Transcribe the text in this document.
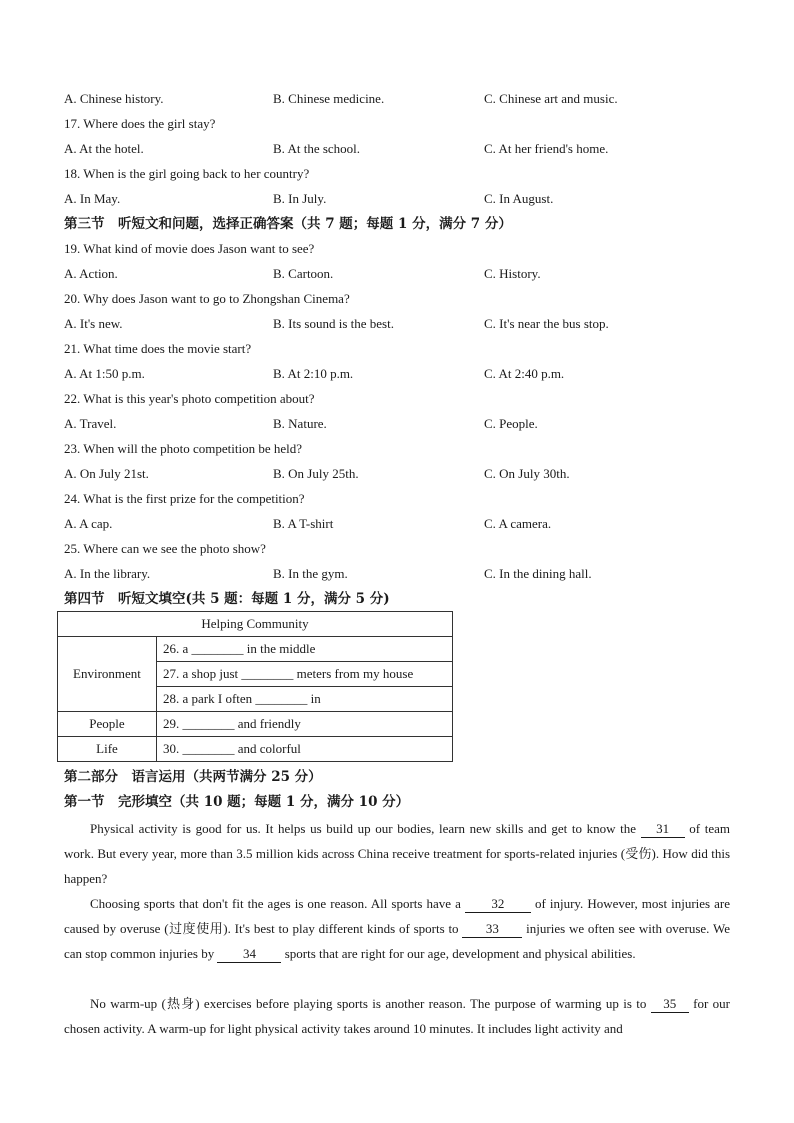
A. Chinese history.	B. Chinese medicine.	C. Chinese art and music.
17. Where does the girl stay?
A. At the hotel.	B. At the school.	C. At her friend's home.
18. When is the girl going back to her country?
A. In May.	B. In July.	C. In August.
第三节　听短文和问题，选择正确答案（共 7 题；每题 1 分，满分 7 分）
19. What kind of movie does Jason want to see?
A. Action.	B. Cartoon.	C. History.
20. Why does Jason want to go to Zhongshan Cinema?
A. It's new.	B. Its sound is the best.	C. It's near the bus stop.
21. What time does the movie start?
A. At 1:50 p.m.	B. At 2:10 p.m.	C. At 2:40 p.m.
22. What is this year's photo competition about?
A. Travel.	B. Nature.	C. People.
23. When will the photo competition be held?
A. On July 21st.	B. On July 25th.	C. On July 30th.
24. What is the first prize for the competition?
A. A cap.	B. A T-shirt	C. A camera.
25. Where can we see the photo show?
A. In the library.	B. In the gym.	C. In the dining hall.
第四节　听短文填空(共 5 题：每题 1 分，满分 5 分)
Helping Community	
Environment	26. a ________ in the middle
	27. a shop just ________ meters from my house
	28. a park I often ________ in
People	29. ________ and friendly
Life	30. ________ and colorful
第二部分　语言运用（共两节满分 25 分）
第一节　完形填空（共 10 题；每题 1 分，满分 10 分）
Physical activity is good for us. It helps us build up our bodies, learn new skills and get to know the 31 of team work. But every year, more than 3.5 million kids across China receive treatment for sports-related injuries (受伤). How did this happen?
Choosing sports that don't fit the ages is one reason. All sports have a 32 of injury. However, most injuries are caused by overuse (过度使用). It's best to play different kinds of sports to 33 injuries we often see with overuse. We can stop common injuries by 34 sports that are right for our age, development and physical abilities.
No warm-up (热身) exercises before playing sports is another reason. The purpose of warming up is to 35 for our chosen activity. A warm-up for light physical activity takes around 10 minutes. It includes light activity and
